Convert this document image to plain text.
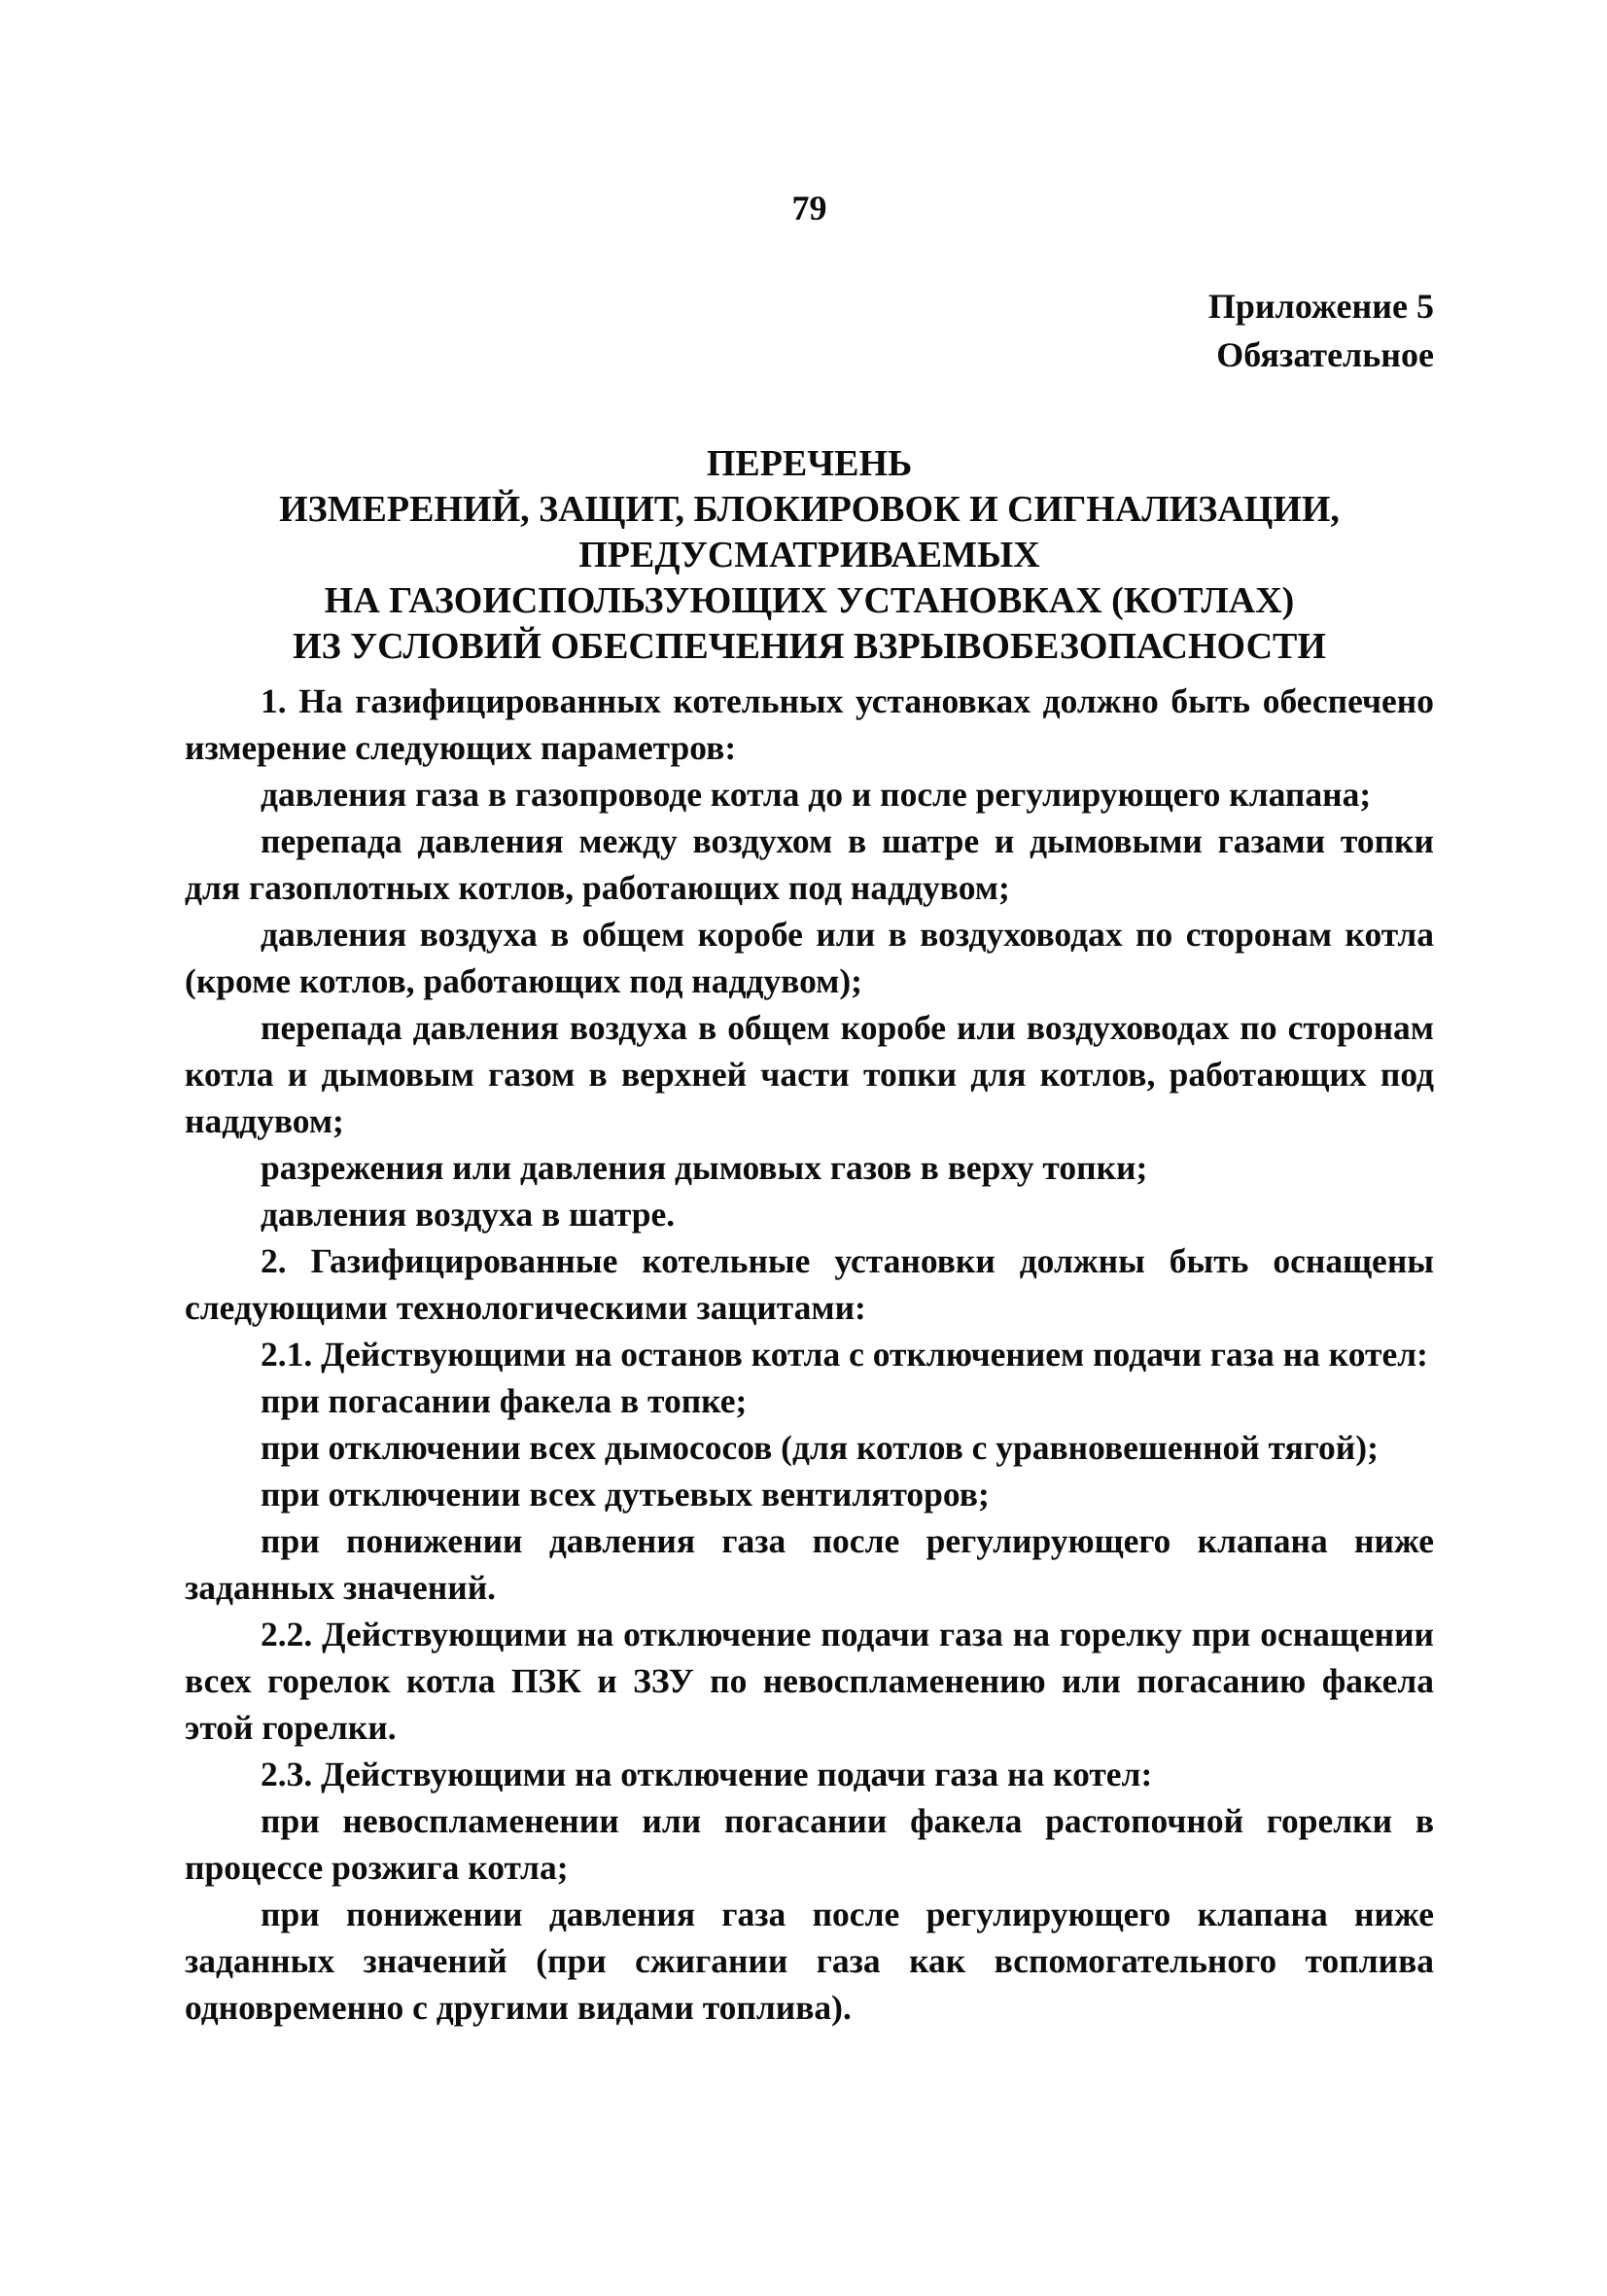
79
Приложение 5
Обязательное
ПЕРЕЧЕНЬ
ИЗМЕРЕНИЙ, ЗАЩИТ, БЛОКИРОВОК И СИГНАЛИЗАЦИИ,
ПРЕДУСМАТРИВАЕМЫХ
НА ГАЗОИСПОЛЬЗУЮЩИХ УСТАНОВКАХ (КОТЛАХ)
ИЗ УСЛОВИЙ ОБЕСПЕЧЕНИЯ ВЗРЫВОБЕЗОПАСНОСТИ

1. На газифицированных котельных установках должно быть обеспечено измерение следующих параметров:

давления газа в газопроводе котла до и после регулирующего клапана;

перепада давления между воздухом в шатре и дымовыми газами топки для газоплотных котлов, работающих под наддувом;

давления воздуха в общем коробе или в воздуховодах по сторонам котла (кроме котлов, работающих под наддувом);

перепада давления воздуха в общем коробе или воздуховодах по сторонам котла и дымовым газом в верхней части топки для котлов, работающих под наддувом;

разрежения или давления дымовых газов в верху топки;

давления воздуха в шатре.

2. Газифицированные котельные установки должны быть оснащены следующими технологическими защитами:

2.1. Действующими на останов котла с отключением подачи газа на котел:

при погасании факела в топке;

при отключении всех дымососов (для котлов с уравновешенной тягой);

при отключении всех дутьевых вентиляторов;

при понижении давления газа после регулирующего клапана ниже заданных значений.

2.2. Действующими на отключение подачи газа на горелку при оснащении всех горелок котла ПЗК и ЗЗУ по невоспламенению или погасанию факела этой горелки.

2.3. Действующими на отключение подачи газа на котел:

при невоспламенении или погасании факела растопочной горелки в процессе розжига котла;

при понижении давления газа после регулирующего клапана ниже заданных значений (при сжигании газа как вспомогательного топлива одновременно с другими видами топлива).
